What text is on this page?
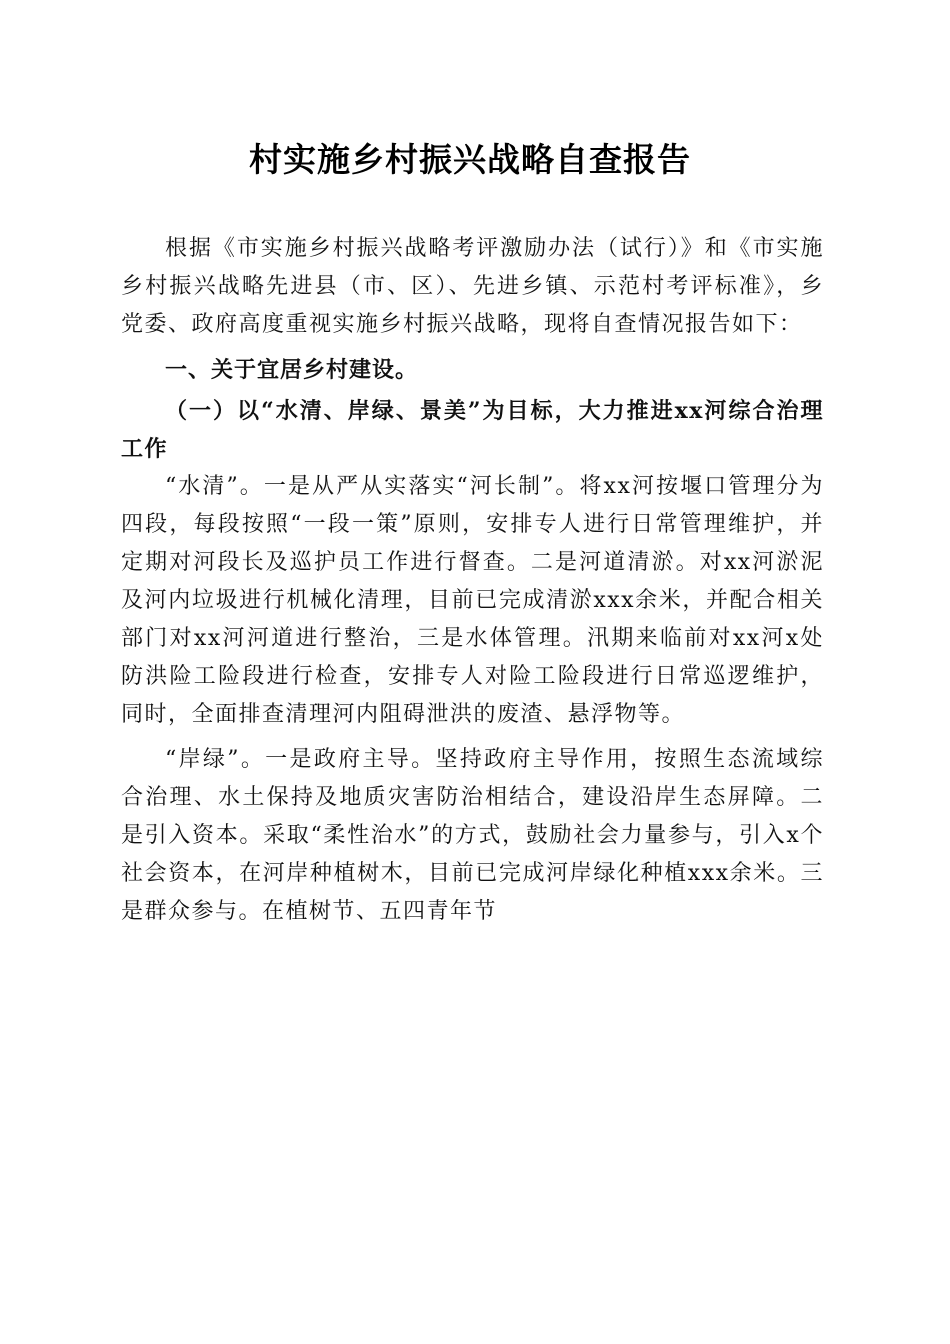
村实施乡村振兴战略自查报告

根据《市实施乡村振兴战略考评激励办法（试行）》和《市实施乡村振兴战略先进县（市、区）、先进乡镇、示范村考评标准》，乡党委、政府高度重视实施乡村振兴战略，现将自查情况报告如下：

一、关于宜居乡村建设。

（一）以“水清、岸绿、景美”为目标，大力推进xx河综合治理工作

“水清”。一是从严从实落实“河长制”。将xx河按堰口管理分为四段，每段按照“一段一策”原则，安排专人进行日常管理维护，并定期对河段长及巡护员工作进行督查。二是河道清淤。对xx河淤泥及河内垃圾进行机械化清理，目前已完成清淤xxx余米，并配合相关部门对xx河河道进行整治，三是水体管理。汛期来临前对xx河x处防洪险工险段进行检查，安排专人对险工险段进行日常巡逻维护，同时，全面排查清理河内阻碍泄洪的废渣、悬浮物等。

“岸绿”。一是政府主导。坚持政府主导作用，按照生态流域综合治理、水土保持及地质灾害防治相结合，建设沿岸生态屏障。二是引入资本。采取“柔性治水”的方式，鼓励社会力量参与，引入x个社会资本，在河岸种植树木，目前已完成河岸绿化种植xxx余米。三是群众参与。在植树节、五四青年节
